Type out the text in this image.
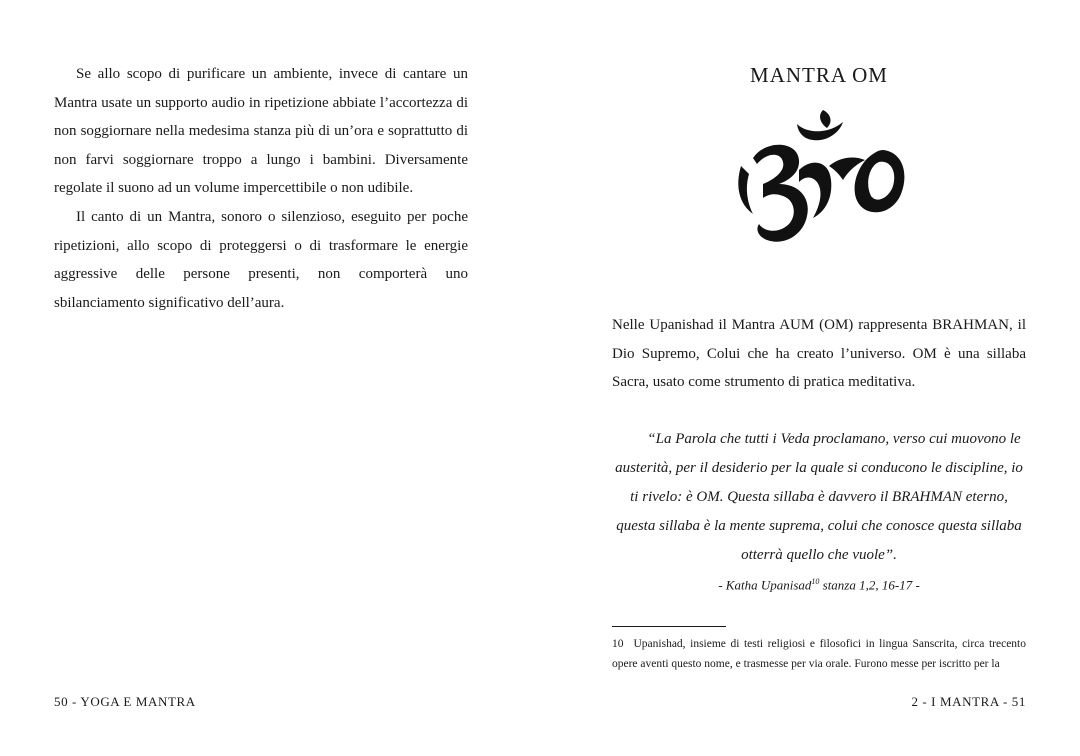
Se allo scopo di purificare un ambiente, invece di cantare un Mantra usate un supporto audio in ripetizione abbiate l’accortezza di non soggiornare nella medesima stanza più di un’ora e soprattutto di non farvi soggiornare troppo a lungo i bambini. Diversamente regolate il suono ad un volume impercettibile o non udibile.

Il canto di un Mantra, sonoro o silenzioso, eseguito per poche ripetizioni, allo scopo di proteggersi o di trasformare le energie aggressive delle persone presenti, non comporterà uno sbilanciamento significativo dell’aura.

50 - YOGA E MANTRA
MANTRA OM

Nelle Upanishad il Mantra AUM (OM) rappresenta BRAHMAN, il Dio Supremo, Colui che ha creato l’universo. OM è una sillaba Sacra, usato come strumento di pratica meditativa.

“La Parola che tutti i Veda proclamano, verso cui muovono le austerità, per il desiderio per la quale si conducono le discipline, io ti rivelo: è OM. Questa sillaba è davvero il BRAHMAN eterno, questa sillaba è la mente suprema, colui che conosce questa sillaba otterrà quello che vuole”.

- Katha Upanisad$^{10}$ stanza 1,2, 16-17 -

10 Upanishad, insieme di testi religiosi e filosofici in lingua Sanscrita, circa trecento opere aventi questo nome, e trasmesse per via orale. Furono messe per iscritto per la

2 - I MANTRA - 51
